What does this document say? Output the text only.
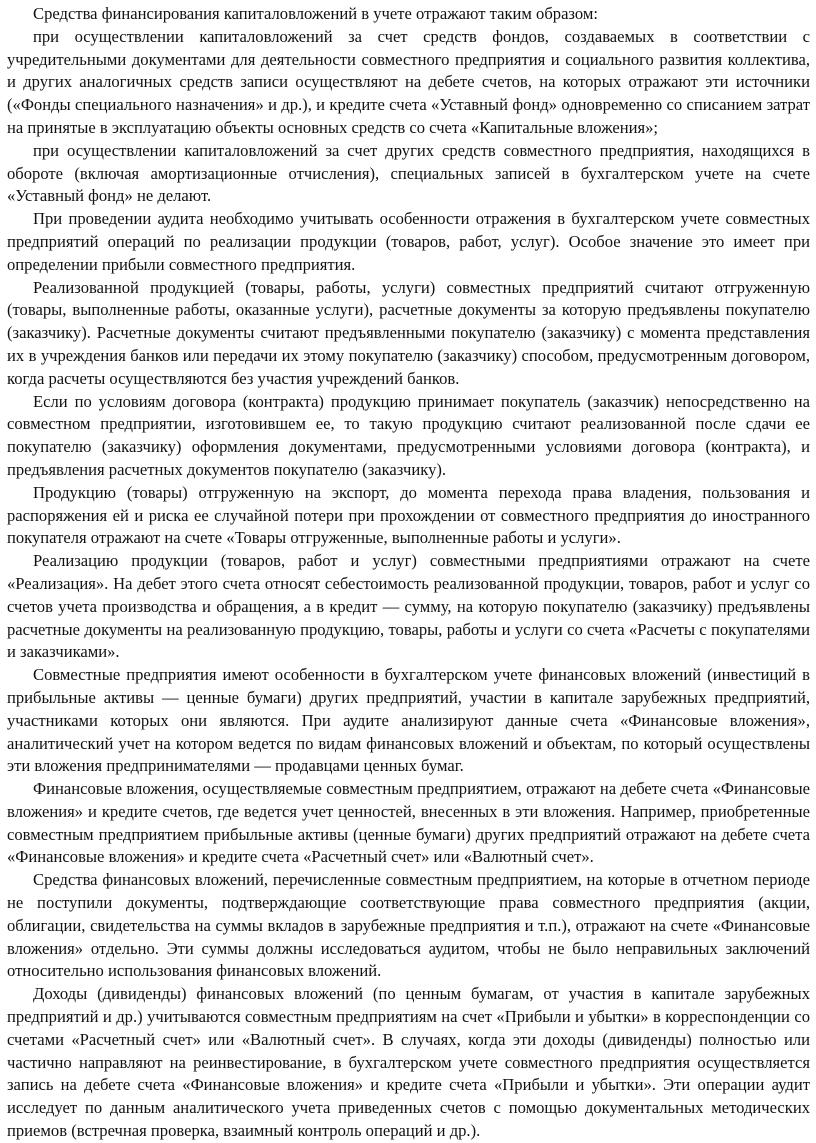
Средства финансирования капиталовложений в учете отражают таким образом:

при осуществлении капиталовложений за счет средств фондов, создаваемых в соответствии с учредительными документами для деятельности совместного предприятия и социального развития коллектива, и других аналогичных средств записи осуществляют на дебете счетов, на которых отражают эти источники («Фонды специального назначения» и др.), и кредите счета «Уставный фонд» одновременно со списанием затрат на принятые в эксплуатацию объекты основных средств со счета «Капитальные вложения»;

при осуществлении капиталовложений за счет других средств совместного предприятия, находящихся в обороте (включая амортизационные отчисления), специальных записей в бухгалтерском учете на счете «Уставный фонд» не делают.

При проведении аудита необходимо учитывать особенности отражения в бухгалтерском учете совместных предприятий операций по реализации продукции (товаров, работ, услуг). Особое значение это имеет при определении прибыли совместного предприятия.

Реализованной продукцией (товары, работы, услуги) совместных предприятий считают отгруженную (товары, выполненные работы, оказанные услуги), расчетные документы за которую предъявлены покупателю (заказчику). Расчетные документы считают предъявленными покупателю (заказчику) с момента представления их в учреждения банков или передачи их этому покупателю (заказчику) способом, предусмотренным договором, когда расчеты осуществляются без участия учреждений банков.

Если по условиям договора (контракта) продукцию принимает покупатель (заказчик) непосредственно на совместном предприятии, изготовившем ее, то такую продукцию считают реализованной после сдачи ее покупателю (заказчику) оформления документами, предусмотренными условиями договора (контракта), и предъявления расчетных документов покупателю (заказчику).

Продукцию (товары) отгруженную на экспорт, до момента перехода права владения, пользования и распоряжения ей и риска ее случайной потери при прохождении от совместного предприятия до иностранного покупателя отражают на счете «Товары отгруженные, выполненные работы и услуги».

Реализацию продукции (товаров, работ и услуг) совместными предприятиями отражают на счете «Реализация». На дебет этого счета относят себестоимость реализованной продукции, товаров, работ и услуг со счетов учета производства и обращения, а в кредит — сумму, на которую покупателю (заказчику) предъявлены расчетные документы на реализованную продукцию, товары, работы и услуги со счета «Расчеты с покупателями и заказчиками».

Совместные предприятия имеют особенности в бухгалтерском учете финансовых вложений (инвестиций в прибыльные активы — ценные бумаги) других предприятий, участии в капитале зарубежных предприятий, участниками которых они являются. При аудите анализируют данные счета «Финансовые вложения», аналитический учет на котором ведется по видам финансовых вложений и объектам, по который осуществлены эти вложения предпринимателями — продавцами ценных бумаг.

Финансовые вложения, осуществляемые совместным предприятием, отражают на дебете счета «Финансовые вложения» и кредите счетов, где ведется учет ценностей, внесенных в эти вложения. Например, приобретенные совместным предприятием прибыльные активы (ценные бумаги) других предприятий отражают на дебете счета «Финансовые вложения» и кредите счета «Расчетный счет» или «Валютный счет».

Средства финансовых вложений, перечисленные совместным предприятием, на которые в отчетном периоде не поступили документы, подтверждающие соответствующие права совместного предприятия (акции, облигации, свидетельства на суммы вкладов в зарубежные предприятия и т.п.), отражают на счете «Финансовые вложения» отдельно. Эти суммы должны исследоваться аудитом, чтобы не было неправильных заключений относительно использования финансовых вложений.

Доходы (дивиденды) финансовых вложений (по ценным бумагам, от участия в капитале зарубежных предприятий и др.) учитываются совместным предприятиям на счет «Прибыли и убытки» в корреспонденции со счетами «Расчетный счет» или «Валютный счет». В случаях, когда эти доходы (дивиденды) полностью или частично направляют на реинвестирование, в бухгалтерском учете совместного предприятия осуществляется запись на дебете счета «Финансовые вложения» и кредите счета «Прибыли и убытки». Эти операции аудит исследует по данным аналитического учета приведенных счетов с помощью документальных методических приемов (встречная проверка, взаимный контроль операций и др.).
